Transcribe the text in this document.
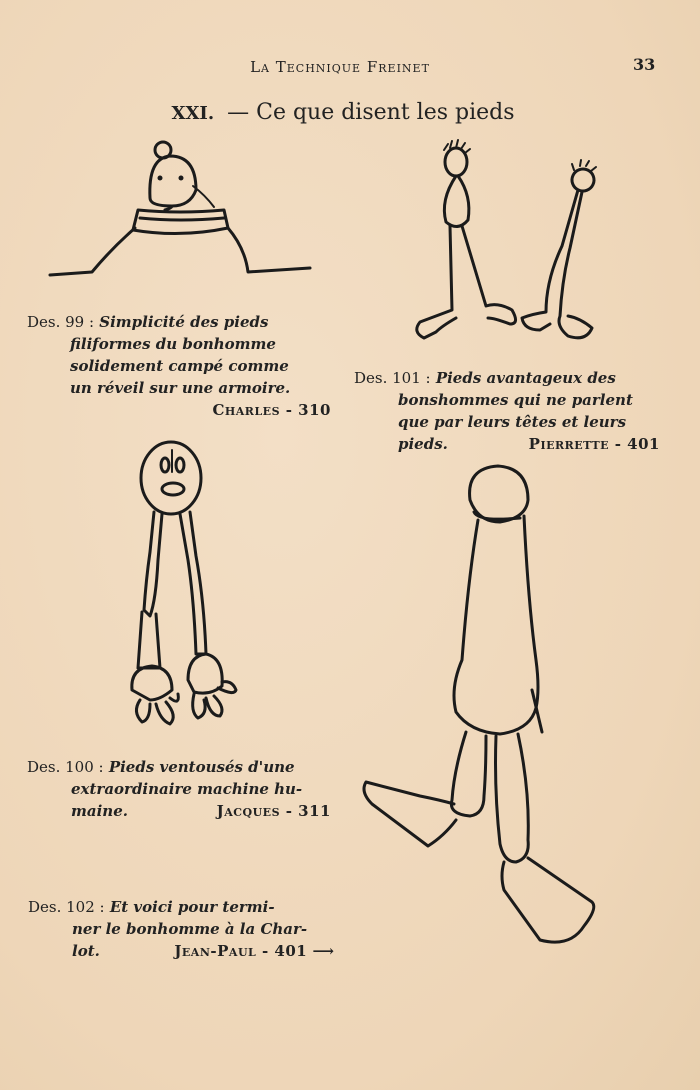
La Technique Freinet	33
XXI. — Ce que disent les pieds
Des. 99 : Simplicité des pieds
filiformes du bonhomme
solidement campé comme
un réveil sur une armoire.
Charles - 310
Des. 101 : Pieds avantageux des
bonshommes qui ne parlent
que par leurs têtes et leurs
pieds.	Pierrette - 401
Des. 100 : Pieds ventousés d'une
extraordinaire machine hu-
maine.	Jacques - 311
Des. 102 : Et voici pour termi-
ner le bonhomme à la Char-
lot.	Jean-Paul - 401 ⟶
